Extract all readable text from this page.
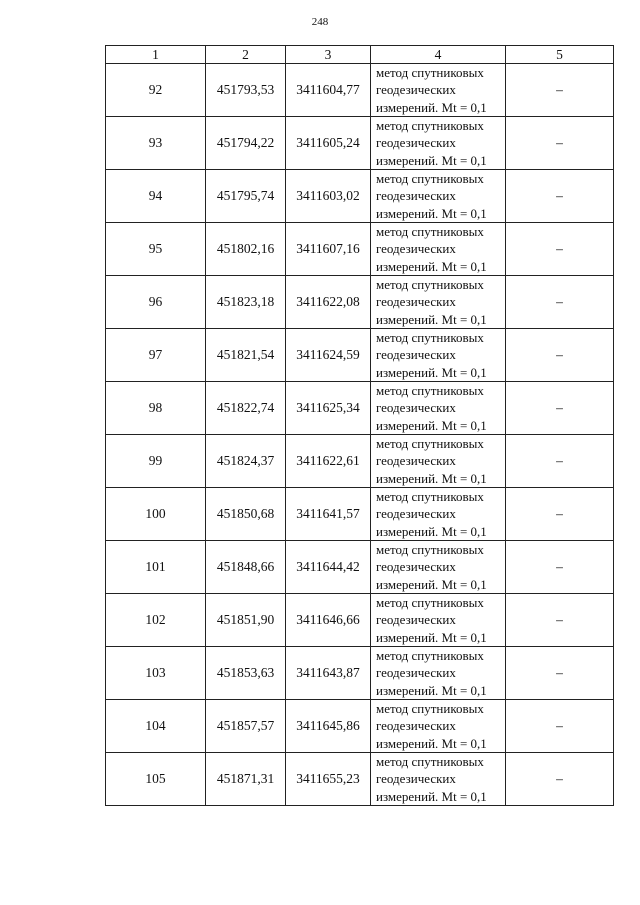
248
1	2	3	4	5
92	451793,53	3411604,77	метод спутниковых
геодезических
измерений. Mt = 0,1	–
93	451794,22	3411605,24	метод спутниковых
геодезических
измерений. Mt = 0,1	–
94	451795,74	3411603,02	метод спутниковых
геодезических
измерений. Mt = 0,1	–
95	451802,16	3411607,16	метод спутниковых
геодезических
измерений. Mt = 0,1	–
96	451823,18	3411622,08	метод спутниковых
геодезических
измерений. Mt = 0,1	–
97	451821,54	3411624,59	метод спутниковых
геодезических
измерений. Mt = 0,1	–
98	451822,74	3411625,34	метод спутниковых
геодезических
измерений. Mt = 0,1	–
99	451824,37	3411622,61	метод спутниковых
геодезических
измерений. Mt = 0,1	–
100	451850,68	3411641,57	метод спутниковых
геодезических
измерений. Mt = 0,1	–
101	451848,66	3411644,42	метод спутниковых
геодезических
измерений. Mt = 0,1	–
102	451851,90	3411646,66	метод спутниковых
геодезических
измерений. Mt = 0,1	–
103	451853,63	3411643,87	метод спутниковых
геодезических
измерений. Mt = 0,1	–
104	451857,57	3411645,86	метод спутниковых
геодезических
измерений. Mt = 0,1	–
105	451871,31	3411655,23	метод спутниковых
геодезических
измерений. Mt = 0,1	–
